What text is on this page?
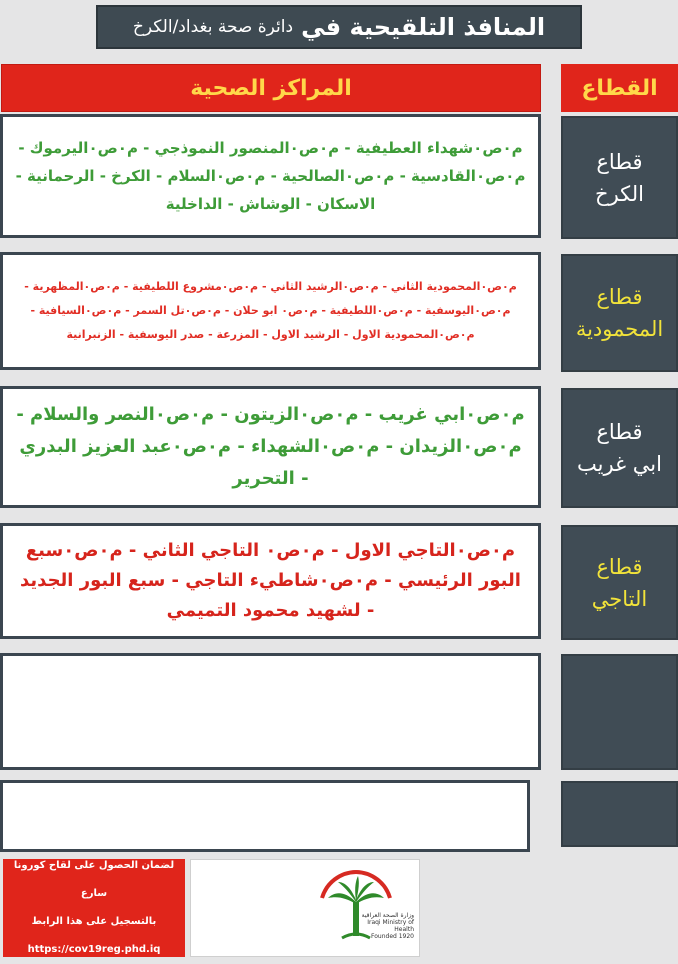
المنافذ التلقيحية في
دائرة صحة بغداد/الكرخ
القطاع
المراكز الصحية
قطاع
الكرخ
م٠ص٠شهداء العطيفية - م٠ص٠المنصور النموذجي - م٠ص٠اليرموك - م٠ص٠القادسية - م٠ص٠الصالحية - م٠ص٠السلام - الكرخ - الرحمانية - الاسكان - الوشاش - الداخلية
قطاع
المحمودية
م٠ص٠المحمودية الثاني - م٠ص٠الرشيد الثاني - م٠ص٠مشروع اللطيفية - م٠ص٠المظهرية - م٠ص٠اليوسفية - م٠ص٠اللطيفية - م٠ص٠ ابو حلان - م٠ص٠تل السمر - م٠ص٠السيافية - م٠ص٠المحمودية الاول - الرشيد الاول - المزرعة - صدر اليوسفية - الزنبرانية
قطاع
ابي غريب
م٠ص٠ابي غريب - م٠ص٠الزيتون - م٠ص٠النصر والسلام - م٠ص٠الزيدان - م٠ص٠الشهداء - م٠ص٠عبد العزيز البدري - التحرير
قطاع
التاجي
م٠ص٠التاجي الاول - م٠ص٠ التاجي الثاني - م٠ص٠سبع البور الرئيسي - م٠ص٠شاطيء التاجي - سبع البور الجديد - لشهيد محمود التميمي
لضمان الحصول على لقاح كورونا سارع
بالتسجيل على هذا الرابط
https://cov19reg.phd.iq
وزارة الصحة العراقية
Iraqi Ministry of Health
Founded 1920
